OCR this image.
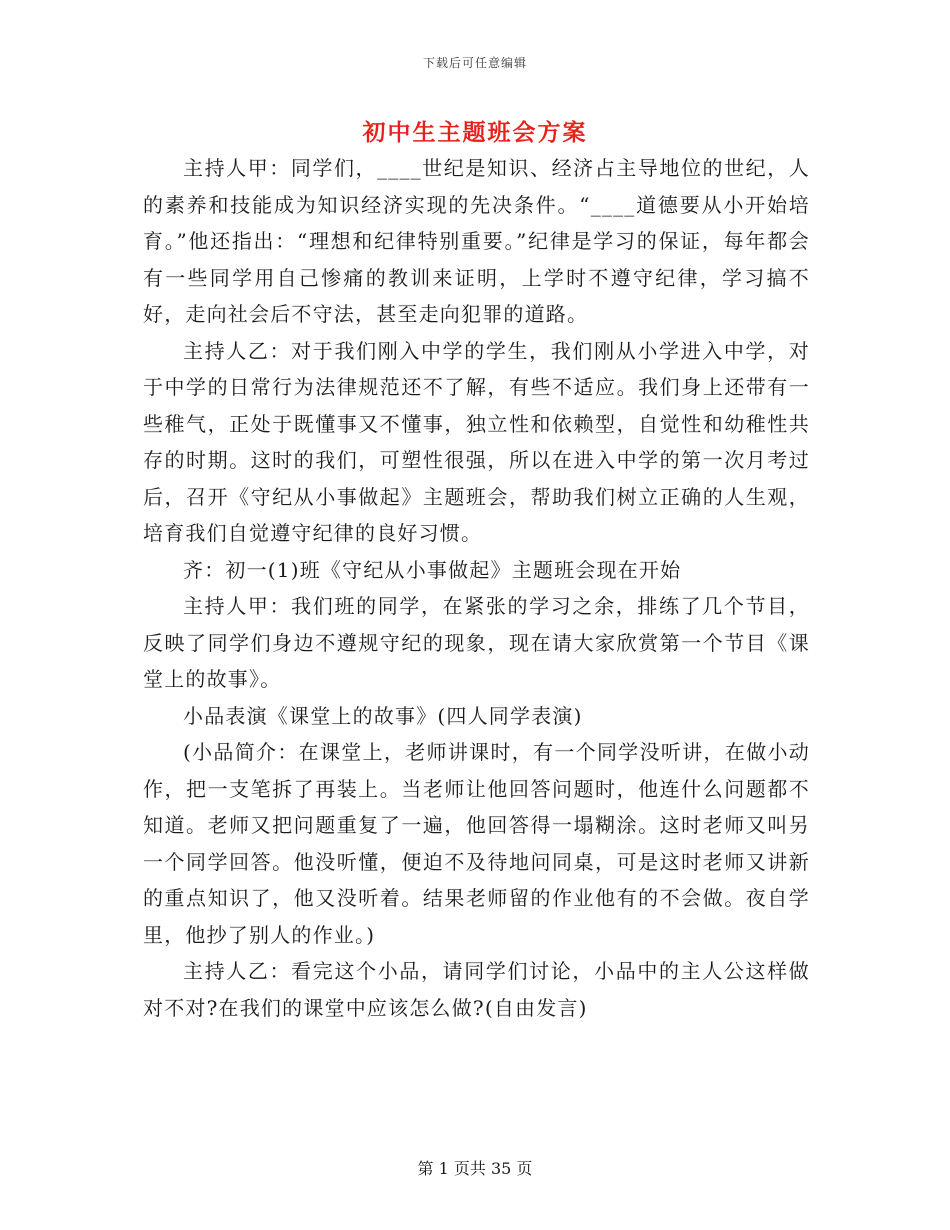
下载后可任意编辑
初中生主题班会方案

主持人甲：同学们，____世纪是知识、经济占主导地位的世纪，人的素养和技能成为知识经济实现的先决条件。“____道德要从小开始培育。”他还指出：“理想和纪律特别重要。”纪律是学习的保证，每年都会有一些同学用自己惨痛的教训来证明，上学时不遵守纪律，学习搞不好，走向社会后不守法，甚至走向犯罪的道路。

主持人乙：对于我们刚入中学的学生，我们刚从小学进入中学，对于中学的日常行为法律规范还不了解，有些不适应。我们身上还带有一些稚气，正处于既懂事又不懂事，独立性和依赖型，自觉性和幼稚性共存的时期。这时的我们，可塑性很强，所以在进入中学的第一次月考过后，召开《守纪从小事做起》主题班会，帮助我们树立正确的人生观，培育我们自觉遵守纪律的良好习惯。

齐：初一(1)班《守纪从小事做起》主题班会现在开始

主持人甲：我们班的同学，在紧张的学习之余，排练了几个节目，反映了同学们身边不遵规守纪的现象，现在请大家欣赏第一个节目《课堂上的故事》。

小品表演《课堂上的故事》(四人同学表演)

(小品简介：在课堂上，老师讲课时，有一个同学没听讲，在做小动作，把一支笔拆了再装上。当老师让他回答问题时，他连什么问题都不知道。老师又把问题重复了一遍，他回答得一塌糊涂。这时老师又叫另一个同学回答。他没听懂，便迫不及待地问同桌，可是这时老师又讲新的重点知识了，他又没听着。结果老师留的作业他有的不会做。夜自学里，他抄了别人的作业。)

主持人乙：看完这个小品，请同学们讨论，小品中的主人公这样做对不对?在我们的课堂中应该怎么做?(自由发言)

第 1 页共 35 页
